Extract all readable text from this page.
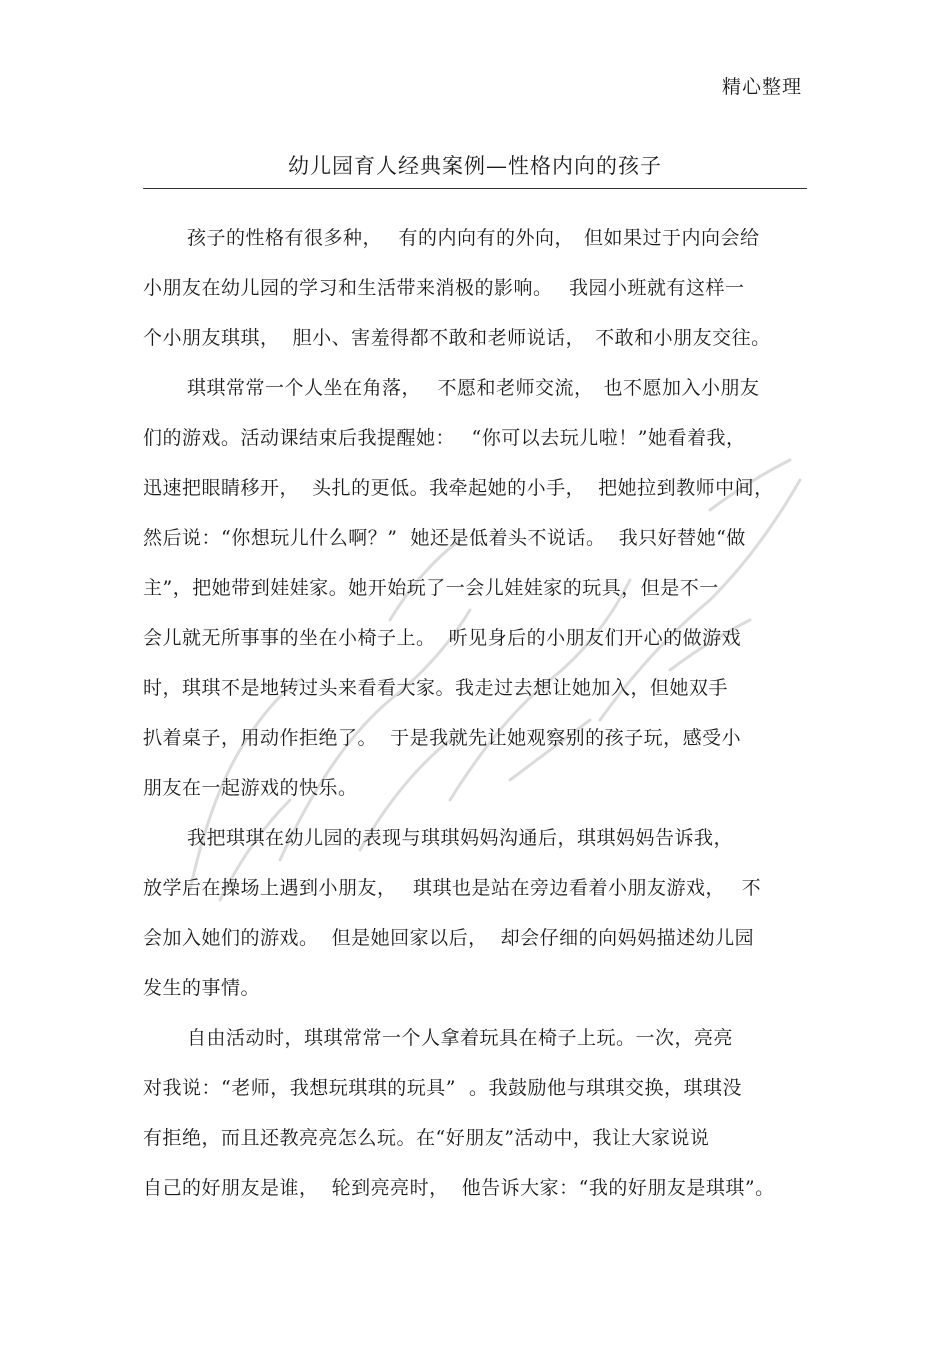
精心整理
幼儿园育人经典案例—性格内向的孩子
孩子的性格有很多种，　 有的内向有的外向，　但如果过于内向会给
小朋友在幼儿园的学习和生活带来消极的影响。　 我园小班就有这样一
个小朋友琪琪，  胆小、害羞得都不敢和老师说话，　不敢和小朋友交往。
琪琪常常一个人坐在角落，　 不愿和老师交流，　也不愿加入小朋友
们的游戏。活动课结束后我提醒她：　 “你可以去玩儿啦！”她看着我，
迅速把眼睛移开，  头扎的更低。我牵起她的小手，  把她拉到教师中间，
然后说：“你想玩儿什么啊？”  她还是低着头不说话。  我只好替她“做
主”，把她带到娃娃家。她开始玩了一会儿娃娃家的玩具，但是不一
会儿就无所事事的坐在小椅子上。  听见身后的小朋友们开心的做游戏
时，琪琪不是地转过头来看看大家。我走过去想让她加入，但她双手
扒着桌子，用动作拒绝了。  于是我就先让她观察别的孩子玩，感受小
朋友在一起游戏的快乐。
我把琪琪在幼儿园的表现与琪琪妈妈沟通后，琪琪妈妈告诉我，
放学后在操场上遇到小朋友，　 琪琪也是站在旁边看着小朋友游戏，　 不
会加入她们的游戏。  但是她回家以后，  却会仔细的向妈妈描述幼儿园
发生的事情。
自由活动时，琪琪常常一个人拿着玩具在椅子上玩。一次，亮亮
对我说：“老师，我想玩琪琪的玩具”  。我鼓励他与琪琪交换，琪琪没
有拒绝，而且还教亮亮怎么玩。在“好朋友”活动中，我让大家说说
自己的好朋友是谁，  轮到亮亮时，  他告诉大家：“我的好朋友是琪琪”。
